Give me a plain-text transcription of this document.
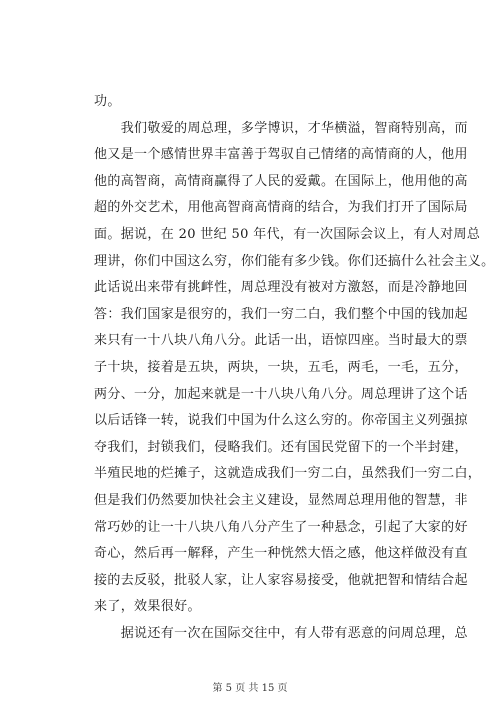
功。
　　我们敬爱的周总理，多学博识，才华横溢，智商特别高，而
他又是一个感情世界丰富善于驾驭自己情绪的高情商的人，他用
他的高智商，高情商赢得了人民的爱戴。在国际上，他用他的高
超的外交艺术，用他高智商高情商的结合，为我们打开了国际局
面。据说，在 20 世纪 50 年代，有一次国际会议上，有人对周总
理讲，你们中国这么穷，你们能有多少钱。你们还搞什么社会主义。
此话说出来带有挑衅性，周总理没有被对方激怒，而是冷静地回
答：我们国家是很穷的，我们一穷二白，我们整个中国的钱加起
来只有一十八块八角八分。此话一出，语惊四座。当时最大的票
子十块，接着是五块，两块，一块，五毛，两毛，一毛，五分，
两分、一分，加起来就是一十八块八角八分。周总理讲了这个话
以后话锋一转，说我们中国为什么这么穷的。你帝国主义列强掠
夺我们，封锁我们，侵略我们。还有国民党留下的一个半封建，
半殖民地的烂摊子，这就造成我们一穷二白，虽然我们一穷二白，
但是我们仍然要加快社会主义建设，显然周总理用他的智慧，非
常巧妙的让一十八块八角八分产生了一种悬念，引起了大家的好
奇心，然后再一解释，产生一种恍然大悟之感，他这样做没有直
接的去反驳，批驳人家，让人家容易接受，他就把智和情结合起
来了，效果很好。
　　据说还有一次在国际交往中，有人带有恶意的问周总理，总
第 5 页 共 15 页
